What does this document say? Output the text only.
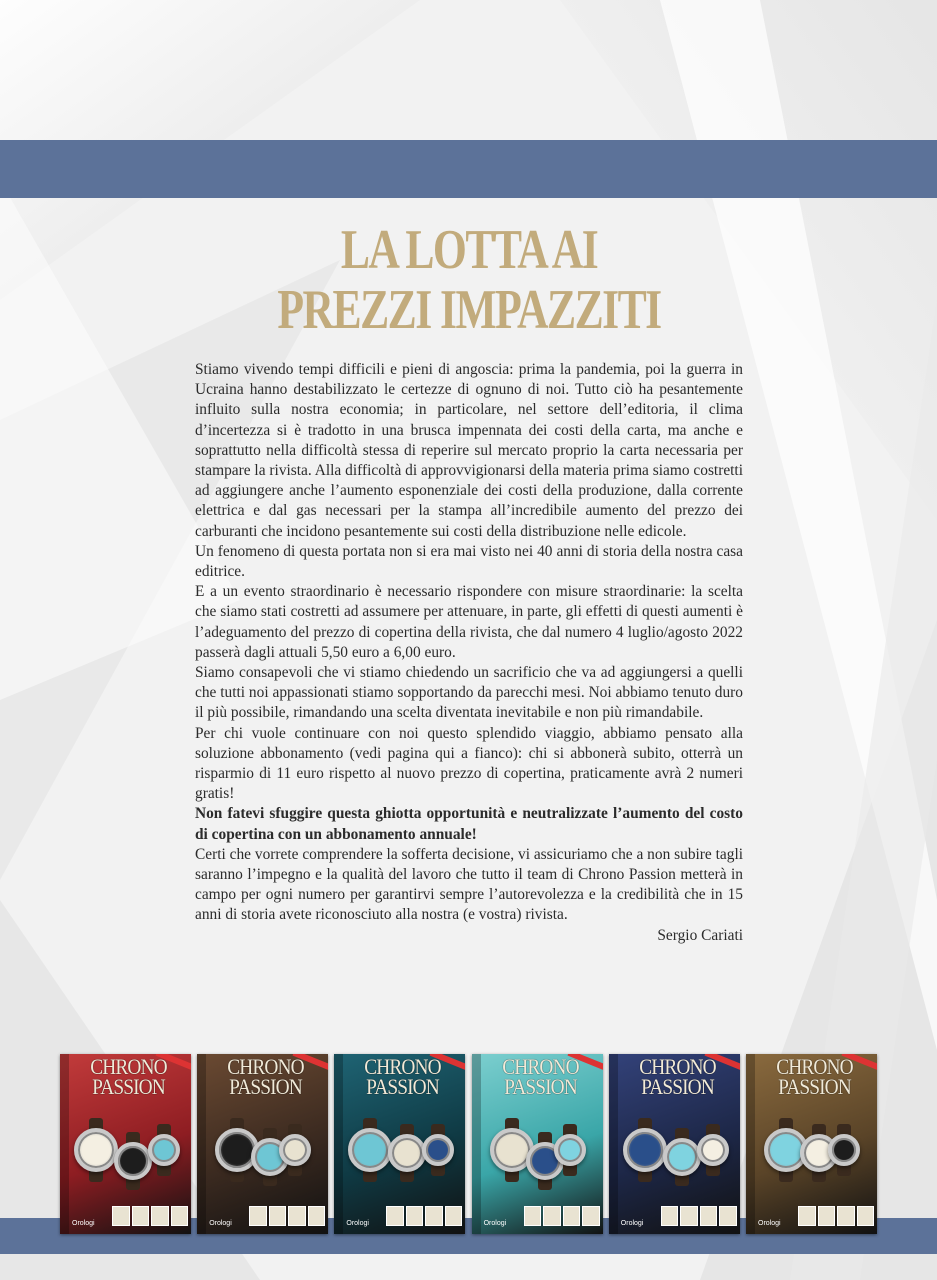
LA LOTTA AI
PREZZI IMPAZZITI

Stiamo vivendo tempi difficili e pieni di angoscia: prima la pandemia, poi la guerra in Ucraina hanno destabilizzato le certezze di ognuno di noi. Tutto ciò ha pesantemente influito sulla nostra economia; in particolare, nel settore dell’editoria, il clima d’incertezza si è tradotto in una brusca impennata dei costi della carta, ma anche e soprattutto nella difficoltà stessa di reperire sul mercato proprio la carta necessaria per stampare la rivista. Alla difficoltà di approvvigionarsi della materia prima siamo costretti ad aggiungere anche l’aumento esponenziale dei costi della produzione, dalla corrente elettrica e dal gas necessari per la stampa all’incredibile aumento del prezzo dei carburanti che incidono pesantemente sui costi della distribuzione nelle edicole.

Un fenomeno di questa portata non si era mai visto nei 40 anni di storia della nostra casa editrice.

E a un evento straordinario è necessario rispondere con misure straordinarie: la scelta che siamo stati costretti ad assumere per attenuare, in parte, gli effetti di questi aumenti è l’adeguamento del prezzo di copertina della rivista, che dal numero 4 luglio/agosto 2022 passerà dagli attuali 5,50 euro a 6,00 euro.

Siamo consapevoli che vi stiamo chiedendo un sacrificio che va ad aggiungersi a quelli che tutti noi appassionati stiamo sopportando da parecchi mesi. Noi abbiamo tenuto duro il più possibile, rimandando una scelta diventata inevitabile e non più rimandabile.

Per chi vuole continuare con noi questo splendido viaggio, abbiamo pensato alla soluzione abbonamento (vedi pagina qui a fianco): chi si abbonerà subito, otterrà un risparmio di 11 euro rispetto al nuovo prezzo di copertina, praticamente avrà 2 numeri gratis!

Non fatevi sfuggire questa ghiotta opportunità e neutralizzate l’aumento del costo di copertina con un abbonamento annuale!

Certi che vorrete comprendere la sofferta decisione, vi assicuriamo che a non subire tagli saranno l’impegno e la qualità del lavoro che tutto il team di Chrono Passion metterà in campo per ogni numero per garantirvi sempre l’autorevolezza e la credibilità che in 15 anni di storia avete riconosciuto alla nostra (e vostra) rivista.

Sergio Cariati

CHRONO
PASSION
Orologi
CHRONO
PASSION
Orologi
CHRONO
PASSION
Orologi
CHRONO
PASSION
Orologi
CHRONO
PASSION
Orologi
CHRONO
PASSION
Orologi
